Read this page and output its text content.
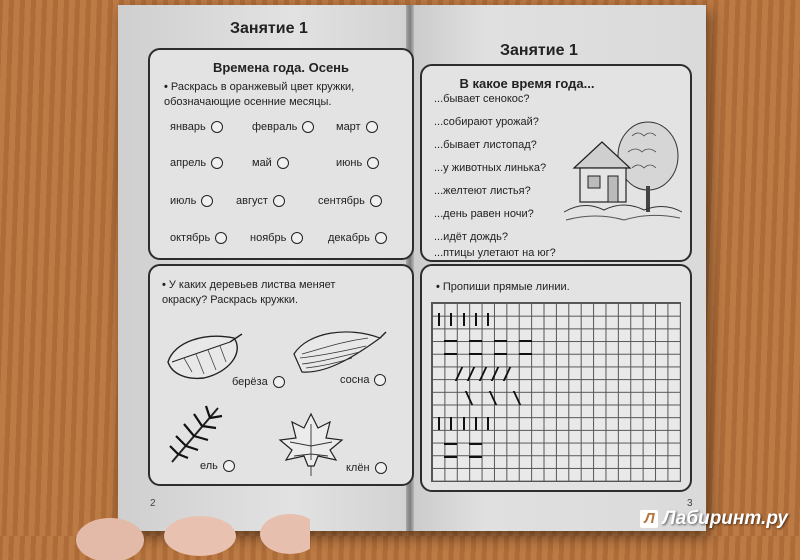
Занятие 1
Времена года. Осень
• Раскрась в оранжевый цвет кружки, обозначающие осенние месяцы.
январь	февраль	март
апрель	май	июнь
июль	август	сентябрь
октябрь	ноябрь	декабрь
• У каких деревьев листва меняет окраску? Раскрась кружки.
берёза	сосна
ель	клён
2
Занятие 1
В какое время года...
...бывает сенокос?
...собирают урожай?
...бывает листопад?
...у животных линька?
...желтеют листья?
...день равен ночи?
...идёт дождь?
...птицы улетают на юг?
• Пропиши прямые линии.
3
Л Лабиринт.ру
